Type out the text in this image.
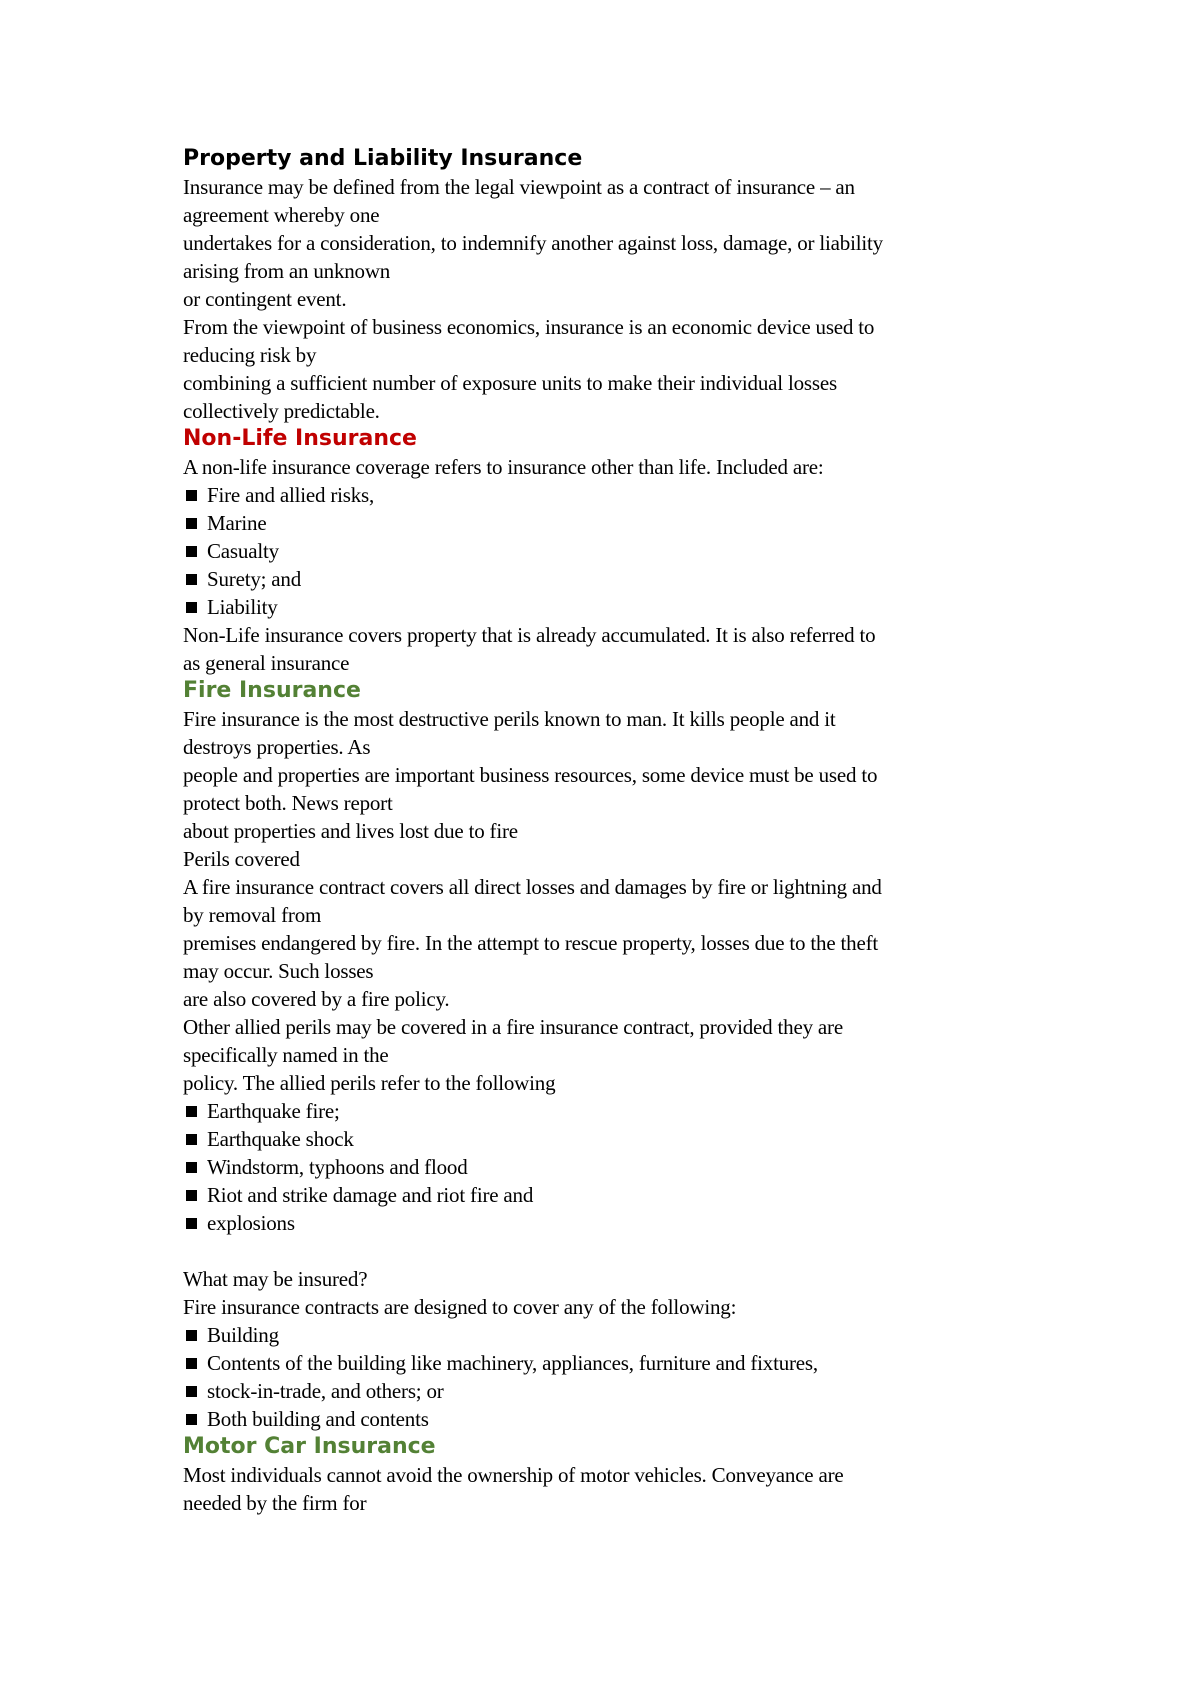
Property and Liability Insurance
Insurance may be defined from the legal viewpoint as a contract of insurance – an
agreement whereby one
undertakes for a consideration, to indemnify another against loss, damage, or liability
arising from an unknown
or contingent event.
From the viewpoint of business economics, insurance is an economic device used to
reducing risk by
combining a sufficient number of exposure units to make their individual losses
collectively predictable.
Non-Life Insurance
A non-life insurance coverage refers to insurance other than life. Included are:
Fire and allied risks,
Marine
Casualty
Surety; and
Liability
Non-Life insurance covers property that is already accumulated. It is also referred to
as general insurance
Fire Insurance
Fire insurance is the most destructive perils known to man. It kills people and it
destroys properties. As
people and properties are important business resources, some device must be used to
protect both. News report
about properties and lives lost due to fire
Perils covered
A fire insurance contract covers all direct losses and damages by fire or lightning and
by removal from
premises endangered by fire. In the attempt to rescue property, losses due to the theft
may occur. Such losses
are also covered by a fire policy.
Other allied perils may be covered in a fire insurance contract, provided they are
specifically named in the
policy. The allied perils refer to the following
Earthquake fire;
Earthquake shock
Windstorm, typhoons and flood
Riot and strike damage and riot fire and
explosions
What may be insured?
Fire insurance contracts are designed to cover any of the following:
Building
Contents of the building like machinery, appliances, furniture and fixtures,
stock-in-trade, and others; or
Both building and contents
Motor Car Insurance
Most individuals cannot avoid the ownership of motor vehicles. Conveyance are
needed by the firm for
